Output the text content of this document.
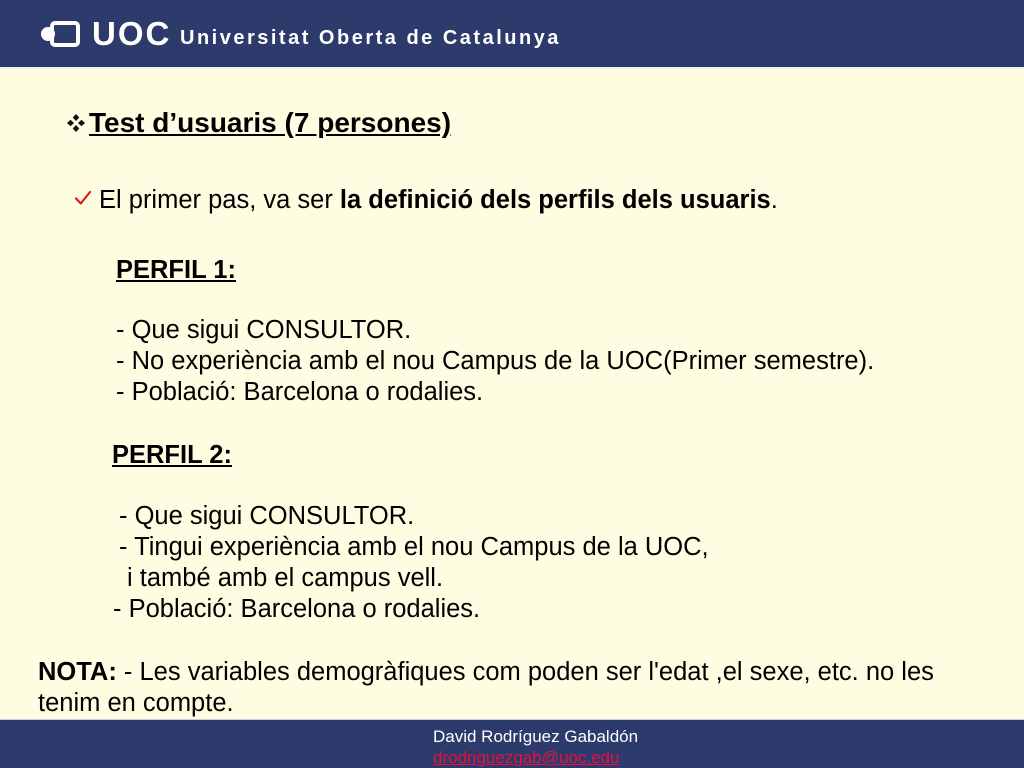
UOC Universitat Oberta de Catalunya
Test d’usuaris (7 persones)
El primer pas, va ser la definició dels perfils dels usuaris.
PERFIL 1:
- Que sigui CONSULTOR.
- No experiència amb el nou Campus de la UOC(Primer semestre).
- Població: Barcelona o rodalies.
PERFIL 2:
- Que sigui CONSULTOR.
- Tingui experiència amb el nou Campus de la UOC,
i també amb el campus vell.
- Població: Barcelona o rodalies.
NOTA: - Les variables demogràfiques com poden ser l'edat ,el sexe, etc. no les tenim en compte.
David Rodríguez Gabaldón
drodriguezgab@uoc.edu
